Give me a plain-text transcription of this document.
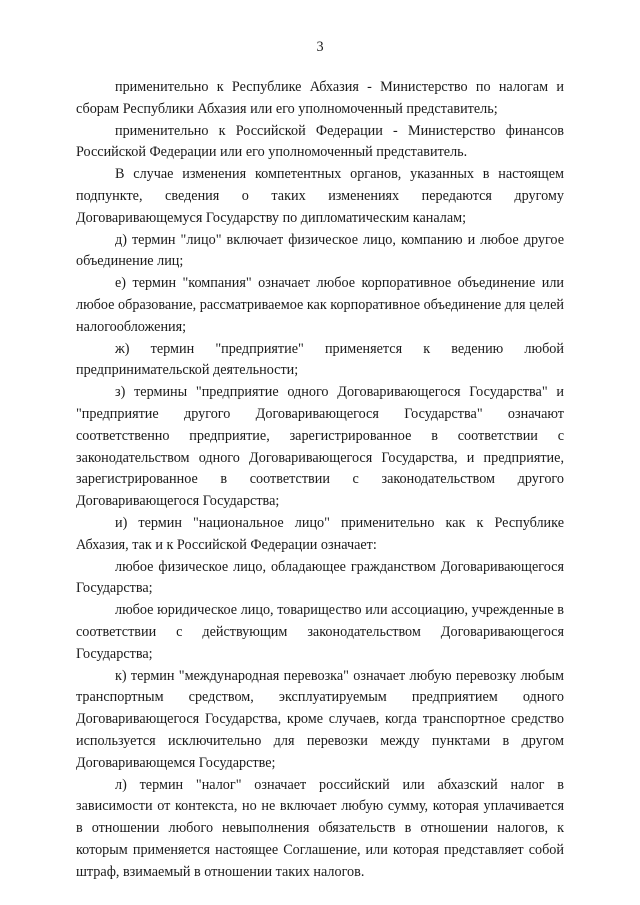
3

применительно к Республике Абхазия - Министерство по налогам и сборам Республики Абхазия или его уполномоченный представитель;

применительно к Российской Федерации - Министерство финансов Российской Федерации или его уполномоченный представитель.

В случае изменения компетентных органов, указанных в настоящем подпункте, сведения о таких изменениях передаются другому Договаривающемуся Государству по дипломатическим каналам;

д) термин "лицо" включает физическое лицо, компанию и любое другое объединение лиц;

е) термин "компания" означает любое корпоративное объединение или любое образование, рассматриваемое как корпоративное объединение для целей налогообложения;

ж) термин "предприятие" применяется к ведению любой предпринимательской деятельности;

з) термины "предприятие одного Договаривающегося Государства" и "предприятие другого Договаривающегося Государства" означают соответственно предприятие, зарегистрированное в соответствии с законодательством одного Договаривающегося Государства, и предприятие, зарегистрированное в соответствии с законодательством другого Договаривающегося Государства;

и) термин "национальное лицо" применительно как к Республике Абхазия, так и к Российской Федерации означает:

любое физическое лицо, обладающее гражданством Договаривающегося Государства;

любое юридическое лицо, товарищество или ассоциацию, учрежденные в соответствии с действующим законодательством Договаривающегося Государства;

к) термин "международная перевозка" означает любую перевозку любым транспортным средством, эксплуатируемым предприятием одного Договаривающегося Государства, кроме случаев, когда транспортное средство используется исключительно для перевозки между пунктами в другом Договаривающемся Государстве;

л) термин "налог" означает российский или абхазский налог в зависимости от контекста, но не включает любую сумму, которая уплачивается в отношении любого невыполнения обязательств в отношении налогов, к которым применяется настоящее Соглашение, или которая представляет собой штраф, взимаемый в отношении таких налогов.
